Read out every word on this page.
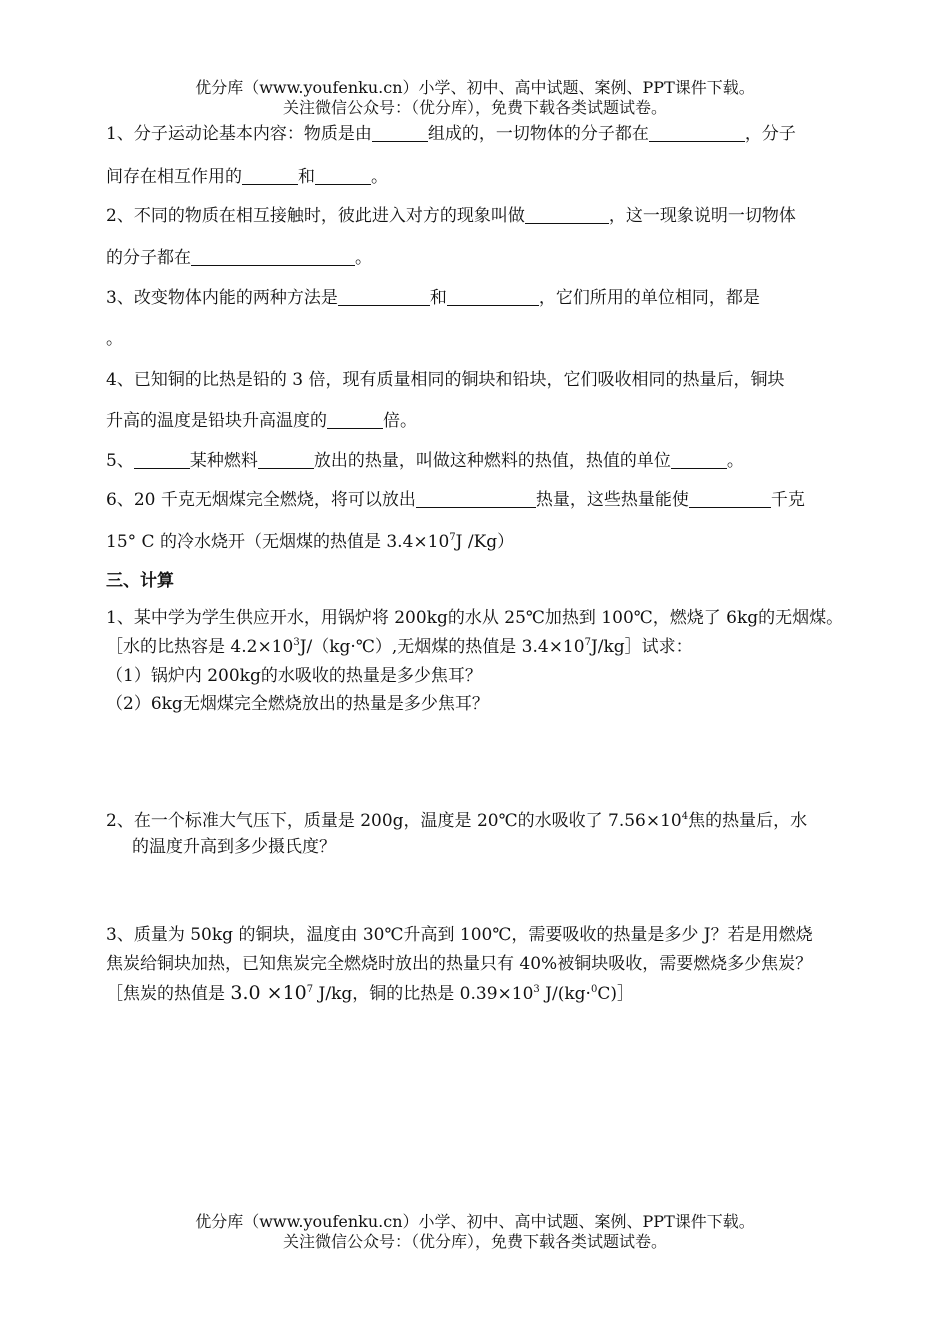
优分库（www.youfenku.cn）小学、初中、高中试题、案例、PPT课件下载。
关注微信公众号：（优分库），免费下载各类试题试卷。
1、分子运动论基本内容：物质是由	组成的，一切物体的分子都在	，分子
间存在相互作用的	和	。
2、不同的物质在相互接触时，彼此进入对方的现象叫做	，这一现象说明一切物体
的分子都在	。
3、改变物体内能的两种方法是	和	，它们所用的单位相同，都是
。
4、已知铜的比热是铅的 3 倍，现有质量相同的铜块和铅块，它们吸收相同的热量后，铜块
升高的温度是铅块升高温度的	倍。
5、	某种燃料	放出的热量，叫做这种燃料的热值，热值的单位	。
6、20 千克无烟煤完全燃烧，将可以放出	热量，这些热量能使	千克
15° C 的冷水烧开（无烟煤的热值是 $3.4\times 10^7J$ /Kg）
三、计算
1、某中学为学生供应开水，用锅炉将 200kg的水从 25℃加热到 100℃，燃烧了 6kg的无烟煤。
［水的比热容是 $4.2\times 10^3J/(kg\cdot℃)$,无烟煤的热值是 $3.4\times 10^7J/kg]$试求：
（1）锅炉内 200kg的水吸收的热量是多少焦耳？
（2）6kg无烟煤完全燃烧放出的热量是多少焦耳？
2、在一个标准大气压下，质量是 200g，温度是 20℃的水吸收了 $7.56\times 10^4$焦的热量后，水
的温度升高到多少摄氏度？
3、质量为 50kg 的铜块，温度由 30℃升高到 100℃，需要吸收的热量是多少 J？若是用燃烧
焦炭给铜块加热，已知焦炭完全燃烧时放出的热量只有 40%被铜块吸收，需要燃烧多少焦炭？
［焦炭的热值是 $3.0 \times 10^7$ J/kg，铜的比热是 $0.39\times 10^3$ J/(kg·$^0$C)］
优分库（www.youfenku.cn）小学、初中、高中试题、案例、PPT课件下载。
关注微信公众号：（优分库），免费下载各类试题试卷。
